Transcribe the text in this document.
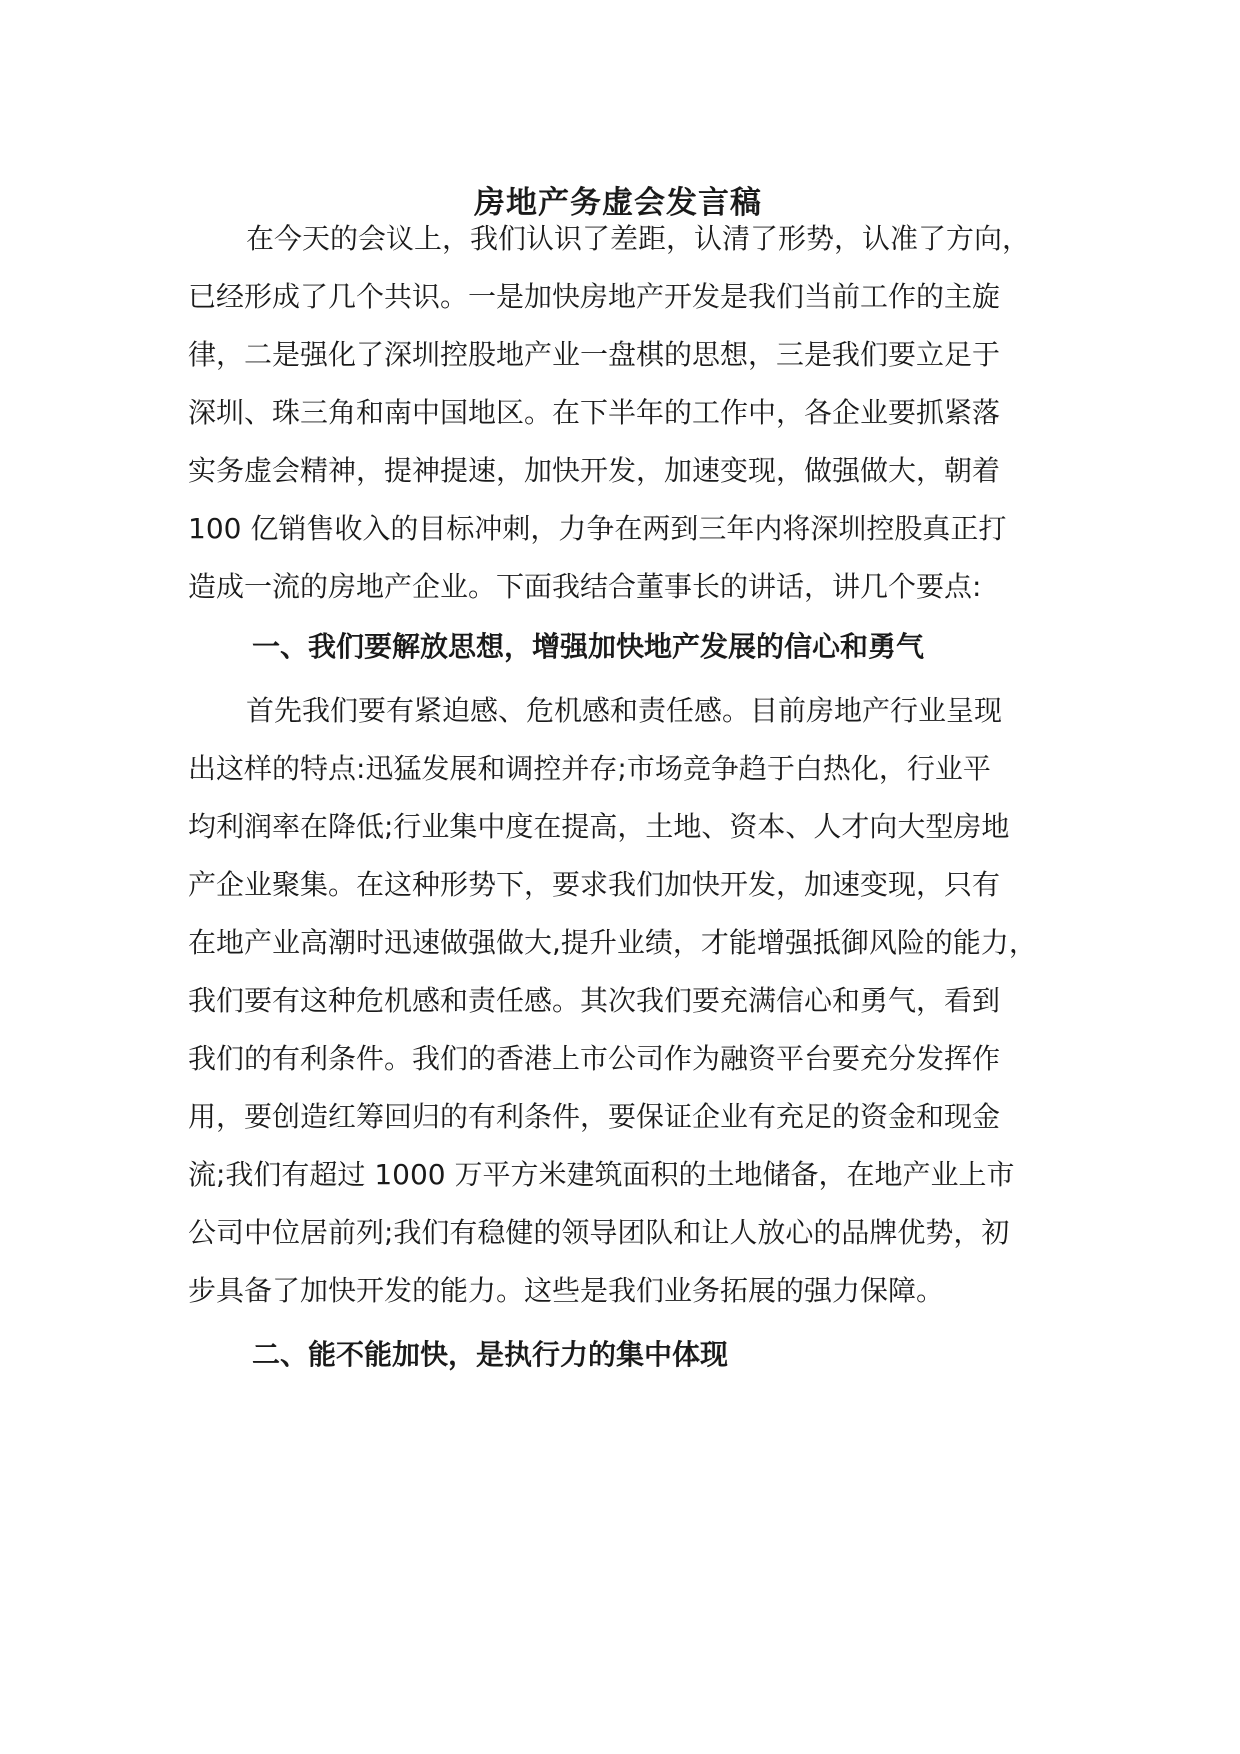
房地产务虚会发言稿
在今天的会议上，我们认识了差距，认清了形势，认准了方向，
已经形成了几个共识。一是加快房地产开发是我们当前工作的主旋
律，二是强化了深圳控股地产业一盘棋的思想，三是我们要立足于
深圳、珠三角和南中国地区。在下半年的工作中，各企业要抓紧落
实务虚会精神，提神提速，加快开发，加速变现，做强做大，朝着
100 亿销售收入的目标冲刺，力争在两到三年内将深圳控股真正打
造成一流的房地产企业。下面我结合董事长的讲话，讲几个要点:
一、我们要解放思想，增强加快地产发展的信心和勇气
首先我们要有紧迫感、危机感和责任感。目前房地产行业呈现
出这样的特点:迅猛发展和调控并存;市场竞争趋于白热化，行业平
均利润率在降低;行业集中度在提高，土地、资本、人才向大型房地
产企业聚集。在这种形势下，要求我们加快开发，加速变现，只有
在地产业高潮时迅速做强做大,提升业绩，才能增强抵御风险的能力，
我们要有这种危机感和责任感。其次我们要充满信心和勇气，看到
我们的有利条件。我们的香港上市公司作为融资平台要充分发挥作
用，要创造红筹回归的有利条件，要保证企业有充足的资金和现金
流;我们有超过 1000 万平方米建筑面积的土地储备，在地产业上市
公司中位居前列;我们有稳健的领导团队和让人放心的品牌优势，初
步具备了加快开发的能力。这些是我们业务拓展的强力保障。
二、能不能加快，是执行力的集中体现
